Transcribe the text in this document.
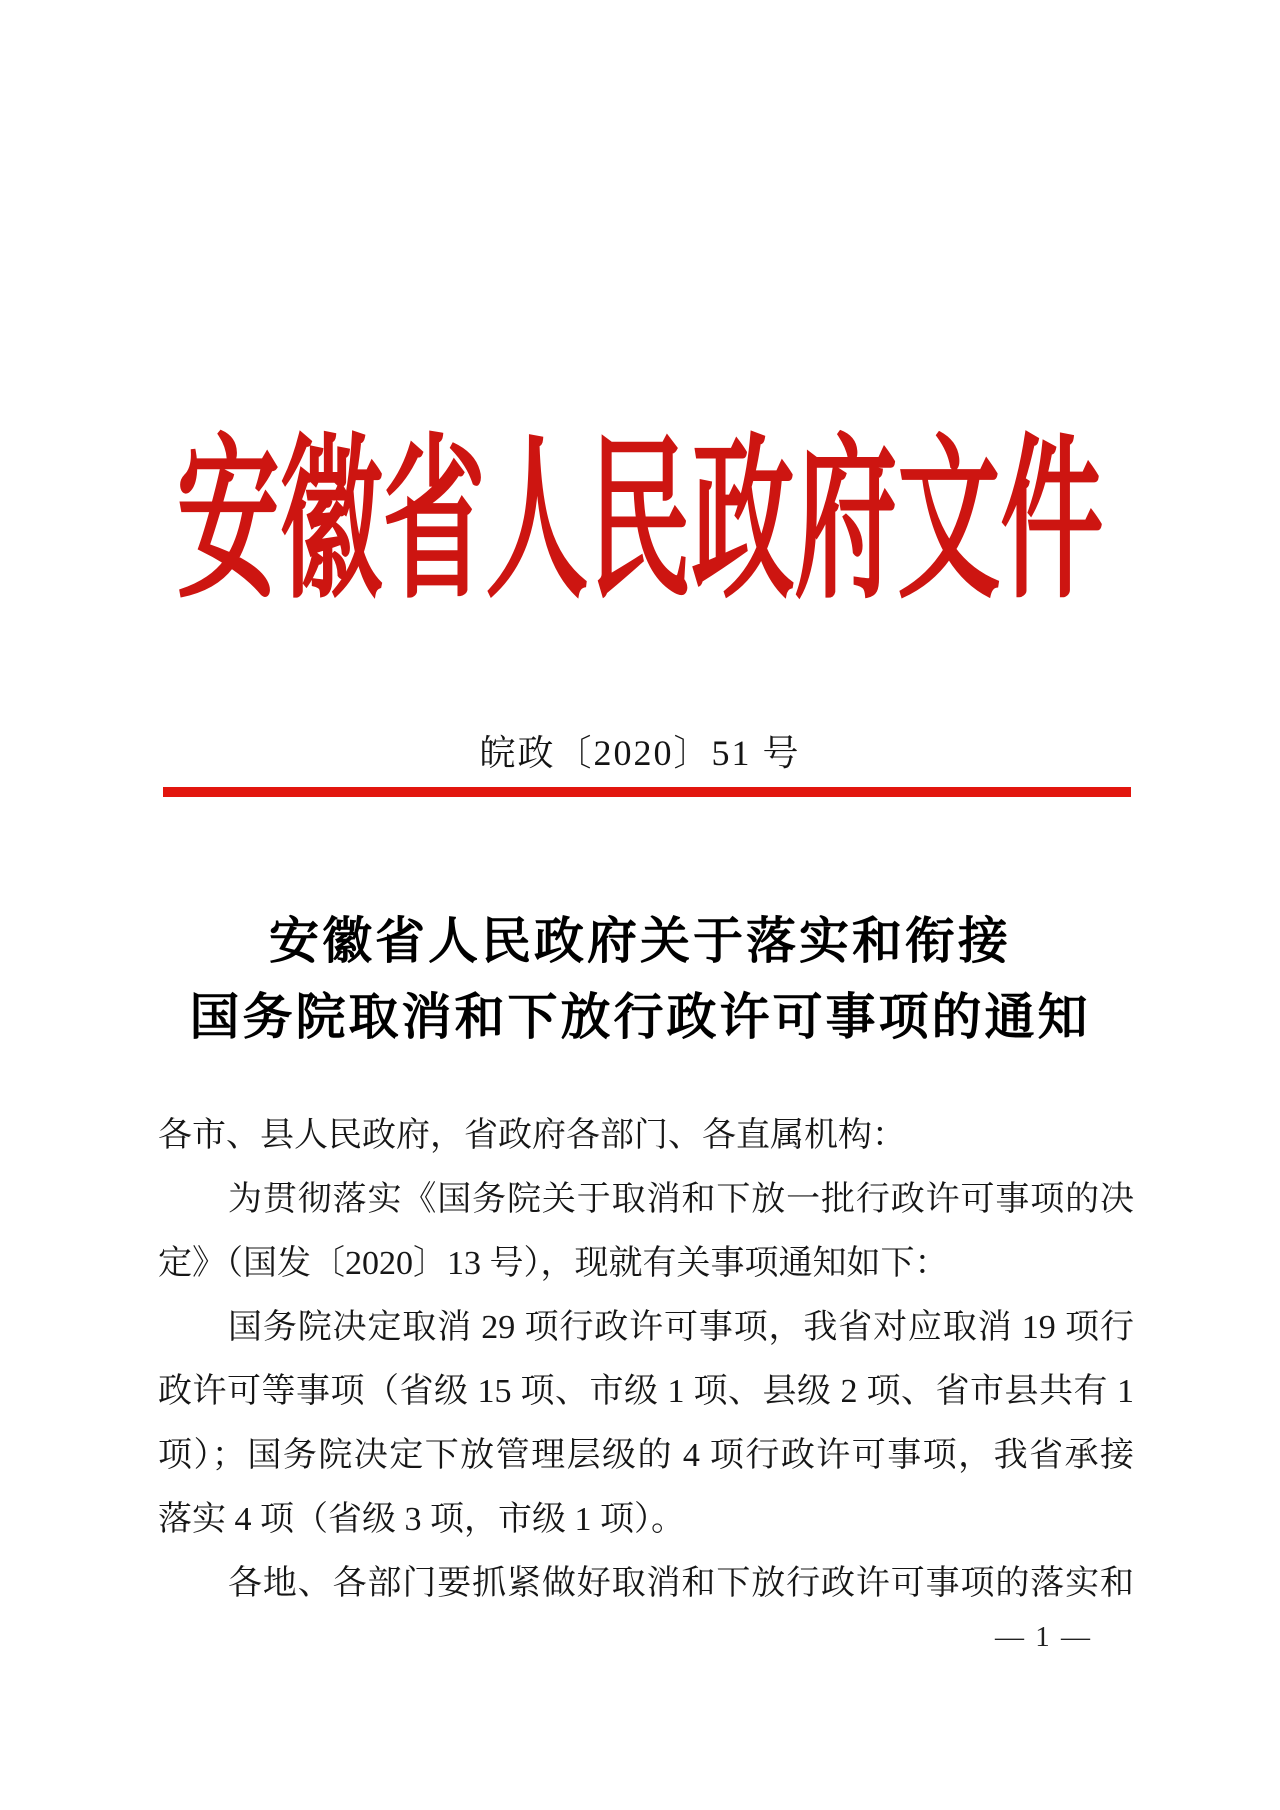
安徽省人民政府文件
皖政〔2020〕51 号
安徽省人民政府关于落实和衔接
国务院取消和下放行政许可事项的通知
各市、县人民政府，省政府各部门、各直属机构：
为贯彻落实《国务院关于取消和下放一批行政许可事项的决
定》（国发〔2020〕13 号），现就有关事项通知如下：
国务院决定取消 29 项行政许可事项，我省对应取消 19 项行
政许可等事项（省级 15 项、市级 1 项、县级 2 项、省市县共有 1
项）；国务院决定下放管理层级的 4 项行政许可事项，我省承接
落实 4 项（省级 3 项，市级 1 项）。
各地、各部门要抓紧做好取消和下放行政许可事项的落实和
— 1 —
